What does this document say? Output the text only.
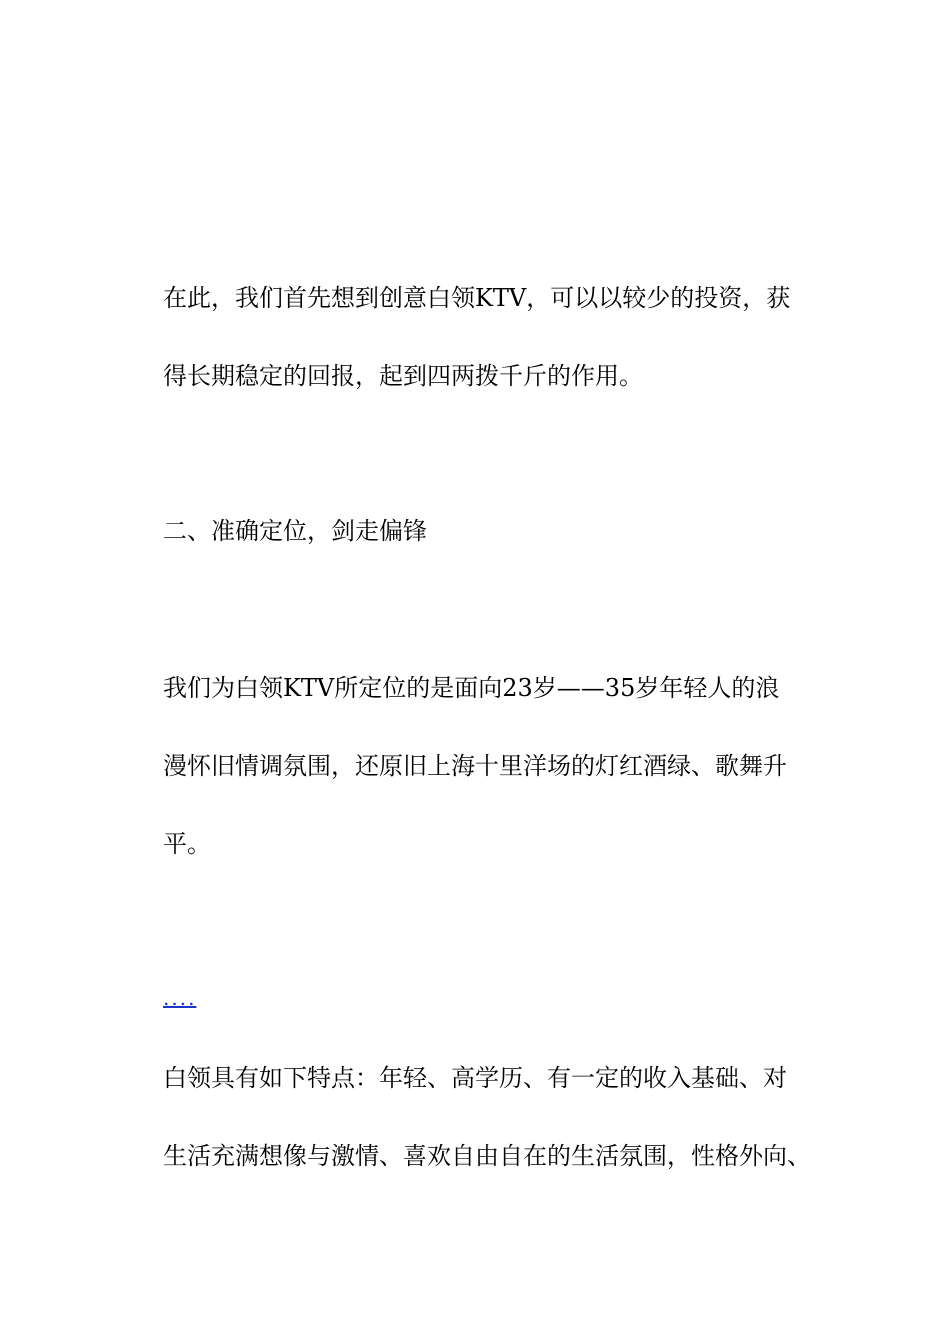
在此，我们首先想到创意白领KTV，可以以较少的投资，获
得长期稳定的回报，起到四两拨千斤的作用。
二、准确定位，剑走偏锋
我们为白领KTV所定位的是面向23岁——35岁年轻人的浪
漫怀旧情调氛围，还原旧上海十里洋场的灯红酒绿、歌舞升
平。
....
白领具有如下特点：年轻、高学历、有一定的收入基础、对
生活充满想像与激情、喜欢自由自在的生活氛围，性格外向、
